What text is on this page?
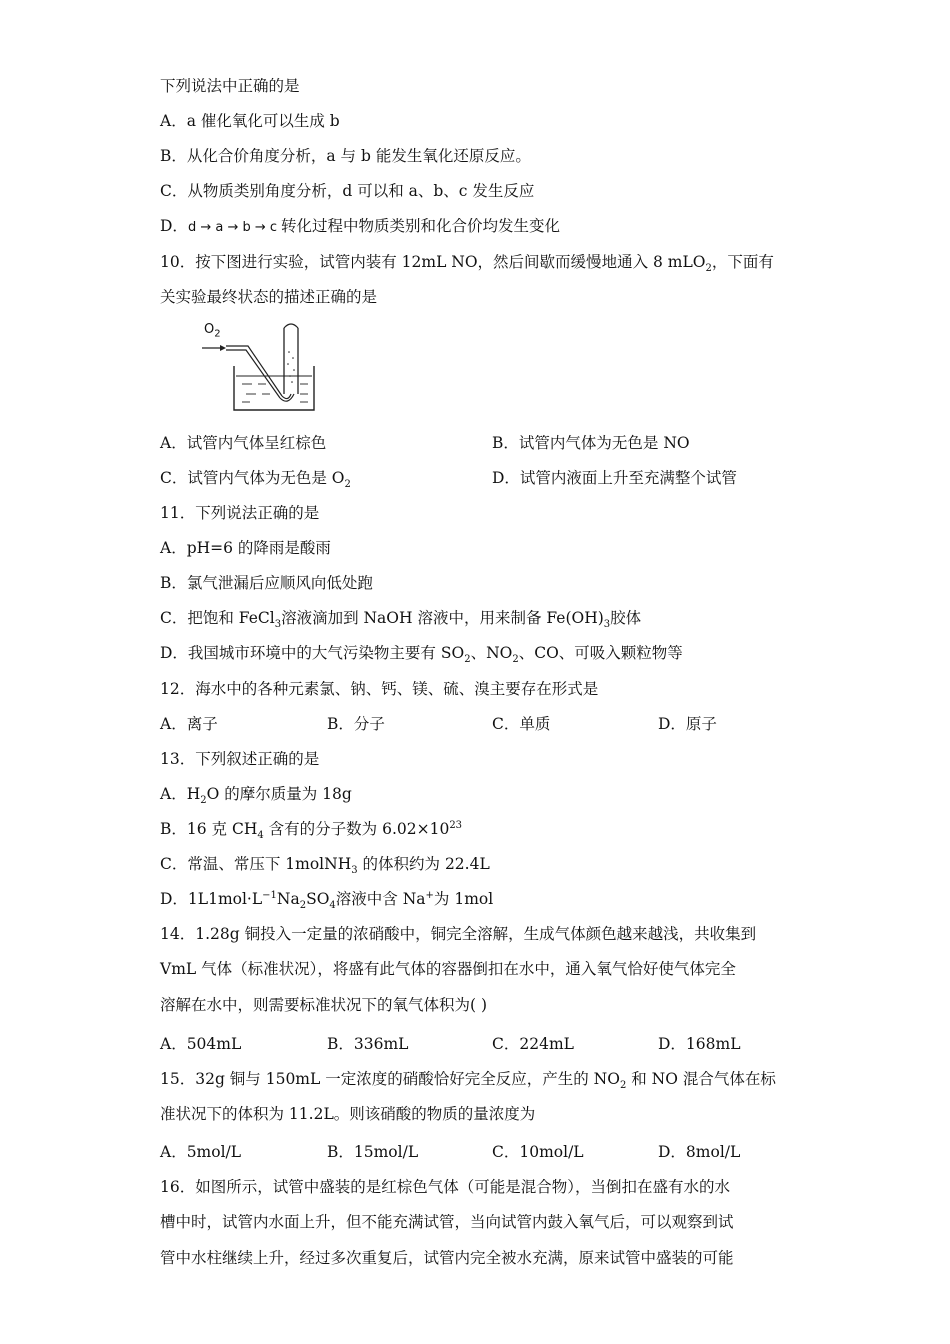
下列说法中正确的是
A．a 催化氧化可以生成 b
B．从化合价角度分析，a 与 b 能发生氧化还原反应。
C．从物质类别角度分析，d 可以和 a、b、c 发生反应
D．d → a → b → c 转化过程中物质类别和化合价均发生变化
10．按下图进行实验，试管内装有 12mL NO，然后间歇而缓慢地通入 8 mLO$_2$，下面有
关实验最终状态的描述正确的是
$O_2$
A．试管内气体呈红棕色	B．试管内气体为无色是 NO
C．试管内气体为无色是 $O_2$	D．试管内液面上升至充满整个试管
11．下列说法正确的是
A．pH=6 的降雨是酸雨
B．氯气泄漏后应顺风向低处跑
C．把饱和 FeCl$_3$溶液滴加到 NaOH 溶液中，用来制备 $Fe(OH)_3$胶体
D．我国城市环境中的大气污染物主要有 $SO_2$、$NO_2$、CO、可吸入颗粒物等
12．海水中的各种元素氯、钠、钙、镁、硫、溴主要存在形式是
A．离子	B．分子	C．单质	D．原子
13．下列叙述正确的是
A．$H_2O$ 的摩尔质量为 18g
B．16 克 $CH_4$ 含有的分子数为 $6.02\times 10^{23}$
C．常温、常压下 1molNH$_3$ 的体积约为 22.4L
D．$1L1mol\cdot L^{-1}Na_2SO_4$溶液中含 Na+为 1mol
14．1.28g 铜投入一定量的浓硝酸中，铜完全溶解，生成气体颜色越来越浅，共收集到
VmL 气体（标准状况），将盛有此气体的容器倒扣在水中，通入氧气恰好使气体完全
溶解在水中，则需要标准状况下的氧气体积为( )
A．504mL	B．336mL	C．224mL	D．168mL
15．32g 铜与 150mL 一定浓度的硝酸恰好完全反应，产生的 $NO_2$ 和 NO 混合气体在标
准状况下的体积为 11.2L。则该硝酸的物质的量浓度为
A．5mol/L	B．15mol/L	C．10mol/L	D．8mol/L
16．如图所示，试管中盛装的是红棕色气体（可能是混合物），当倒扣在盛有水的水
槽中时，试管内水面上升，但不能充满试管，当向试管内鼓入氧气后，可以观察到试
管中水柱继续上升，经过多次重复后，试管内完全被水充满，原来试管中盛装的可能
